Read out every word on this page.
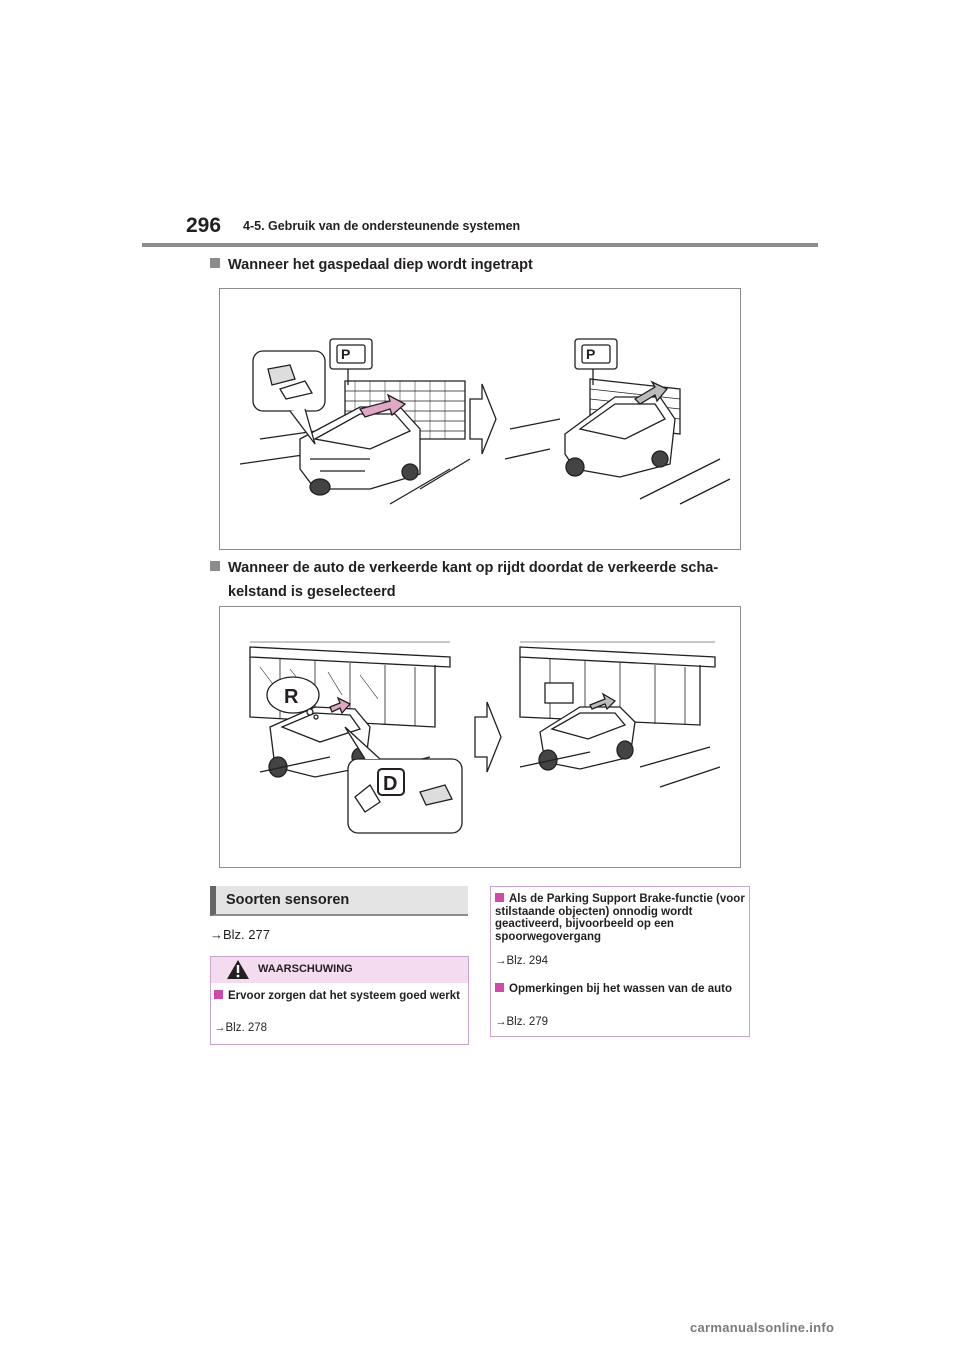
296 4-5. Gebruik van de ondersteunende systemen
Wanneer het gaspedaal diep wordt ingetrapt
P	P
Wanneer de auto de verkeerde kant op rijdt doordat de verkeerde scha-
kelstand is geselecteerd
R
D
Soorten sensoren
→Blz. 277
WAARSCHUWING
Ervoor zorgen dat het systeem goed werkt
→Blz. 278
Als de Parking Support Brake-functie (voor stilstaande objecten) onnodig wordt geactiveerd, bijvoorbeeld op een spoorwegovergang
→Blz. 294
Opmerkingen bij het wassen van de auto
→Blz. 279
carmanualsonline.info
